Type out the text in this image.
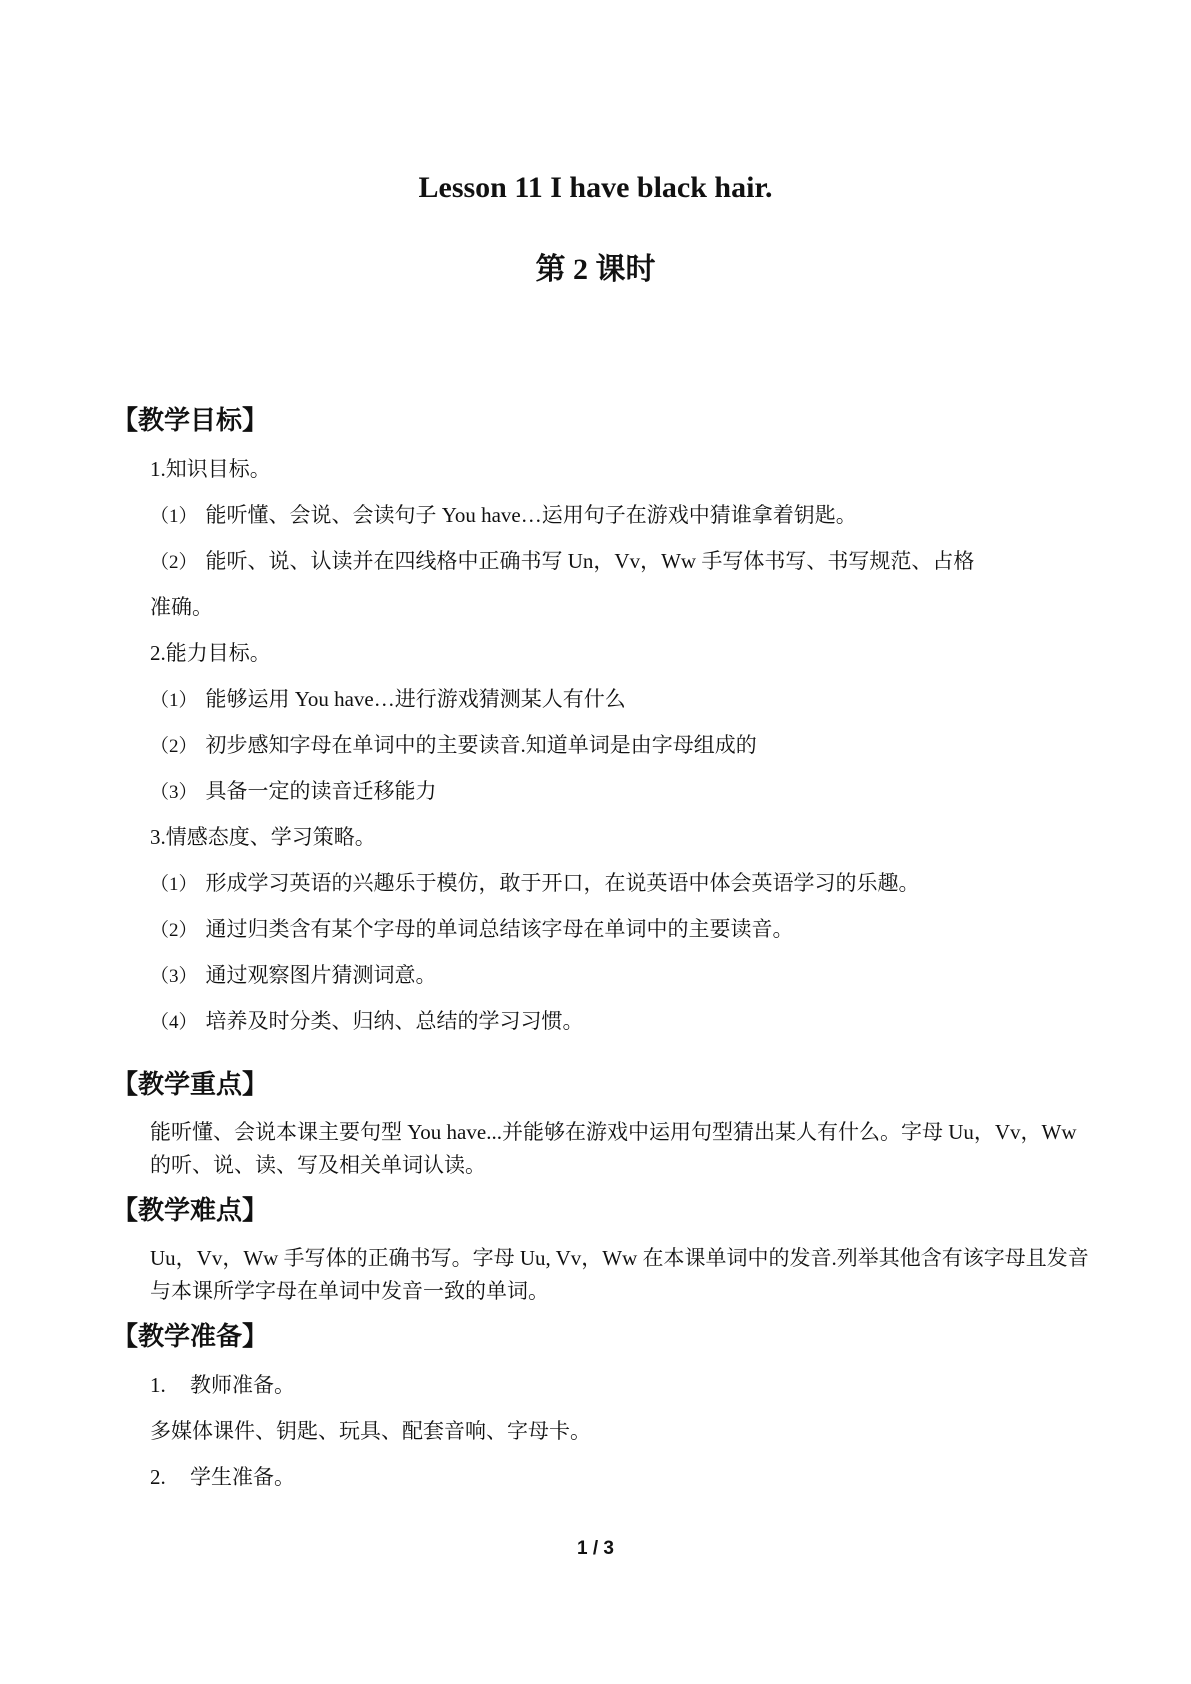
Lesson 11 I have black hair.
第 2 课时
【教学目标】
1.知识目标。
（1） 能听懂、会说、会读句子 You have…运用句子在游戏中猜谁拿着钥匙。
（2） 能听、说、认读并在四线格中正确书写 Un，Vv，Ww 手写体书写、书写规范、占格
准确。
2.能力目标。
（1） 能够运用 You have…进行游戏猜测某人有什么
（2） 初步感知字母在单词中的主要读音.知道单词是由字母组成的
（3） 具备一定的读音迁移能力
3.情感态度、学习策略。
（1） 形成学习英语的兴趣乐于模仿，敢于开口，在说英语中体会英语学习的乐趣。
（2） 通过归类含有某个字母的单词总结该字母在单词中的主要读音。
（3） 通过观察图片猜测词意。
（4） 培养及时分类、归纳、总结的学习习惯。
【教学重点】
能听懂、会说本课主要句型 You have...并能够在游戏中运用句型猜出某人有什么。字母 Uu，Vv，Ww 的听、说、读、写及相关单词认读。
【教学难点】
Uu，Vv，Ww 手写体的正确书写。字母 Uu, Vv，Ww 在本课单词中的发音.列举其他含有该字母且发音与本课所学字母在单词中发音一致的单词。
【教学准备】
1. 教师准备。
多媒体课件、钥匙、玩具、配套音响、字母卡。
2. 学生准备。
1 / 3
